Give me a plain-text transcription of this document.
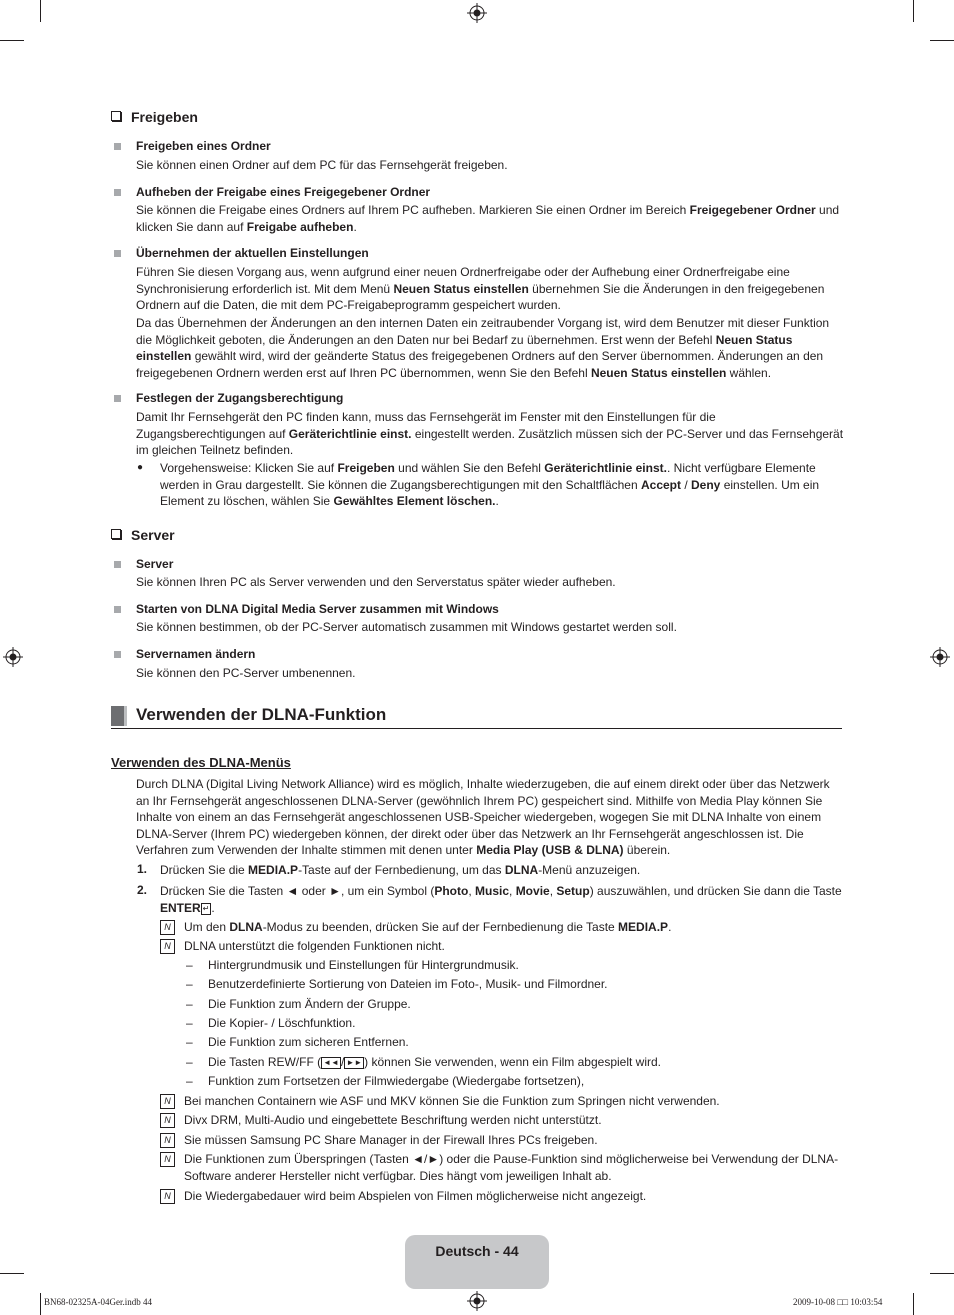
Freigeben
Freigeben eines Ordner
Sie können einen Ordner auf dem PC für das Fernsehgerät freigeben.
Aufheben der Freigabe eines Freigegebener Ordner
Sie können die Freigabe eines Ordners auf Ihrem PC aufheben. Markieren Sie einen Ordner im Bereich Freigegebener Ordner und klicken Sie dann auf Freigabe aufheben.
Übernehmen der aktuellen Einstellungen
Führen Sie diesen Vorgang aus, wenn aufgrund einer neuen Ordnerfreigabe oder der Aufhebung einer Ordnerfreigabe eine Synchronisierung erforderlich ist. Mit dem Menü Neuen Status einstellen übernehmen Sie die Änderungen in den freigegebenen Ordnern auf die Daten, die mit dem PC-Freigabeprogramm gespeichert wurden.
Da das Übernehmen der Änderungen an den internen Daten ein zeitraubender Vorgang ist, wird dem Benutzer mit dieser Funktion die Möglichkeit geboten, die Änderungen an den Daten nur bei Bedarf zu übernehmen. Erst wenn der Befehl Neuen Status einstellen gewählt wird, wird der geänderte Status des freigegebenen Ordners auf den Server übernommen. Änderungen an den freigegebenen Ordnern werden erst auf Ihren PC übernommen, wenn Sie den Befehl Neuen Status einstellen wählen.
Festlegen der Zugangsberechtigung
Damit Ihr Fernsehgerät den PC finden kann, muss das Fernsehgerät im Fenster mit den Einstellungen für die Zugangsberechtigungen auf Geräterichtlinie einst. eingestellt werden. Zusätzlich müssen sich der PC-Server und das Fernsehgerät im gleichen Teilnetz befinden.
● Vorgehensweise: Klicken Sie auf Freigeben und wählen Sie den Befehl Geräterichtlinie einst.. Nicht verfügbare Elemente werden in Grau dargestellt. Sie können die Zugangsberechtigungen mit den Schaltflächen Accept / Deny einstellen. Um ein Element zu löschen, wählen Sie Gewähltes Element löschen..
Server
Server
Sie können Ihren PC als Server verwenden und den Serverstatus später wieder aufheben.
Starten von DLNA Digital Media Server zusammen mit Windows
Sie können bestimmen, ob der PC-Server automatisch zusammen mit Windows gestartet werden soll.
Servernamen ändern
Sie können den PC-Server umbenennen.
Verwenden der DLNA-Funktion
Verwenden des DLNA-Menüs
Durch DLNA (Digital Living Network Alliance) wird es möglich, Inhalte wiederzugeben, die auf einem direkt oder über das Netzwerk an Ihr Fernsehgerät angeschlossenen DLNA-Server (gewöhnlich Ihrem PC) gespeichert sind. Mithilfe von Media Play können Sie Inhalte von einem an das Fernsehgerät angeschlossenen USB-Speicher wiedergeben, wogegen Sie mit DLNA Inhalte von einem DLNA-Server (Ihrem PC) wiedergeben können, der direkt oder über das Netzwerk an Ihr Fernsehgerät angeschlossen ist. Die Verfahren zum Verwenden der Inhalte stimmen mit denen unter Media Play (USB & DLNA) überein.
1. Drücken Sie die MEDIA.P-Taste auf der Fernbedienung, um das DLNA-Menü anzuzeigen.
2. Drücken Sie die Tasten ◄ oder ►, um ein Symbol (Photo, Music, Movie, Setup) auszuwählen, und drücken Sie dann die Taste ENTER ↵ .
N	Um den DLNA-Modus zu beenden, drücken Sie auf der Fernbedienung die Taste MEDIA.P.
N	DLNA unterstützt die folgenden Funktionen nicht.
– Hintergrundmusik und Einstellungen für Hintergrundmusik.
– Benutzerdefinierte Sortierung von Dateien im Foto-, Musik- und Filmordner.
– Die Funktion zum Ändern der Gruppe.
– Die Kopier- / Löschfunktion.
– Die Funktion zum sicheren Entfernen.
– Die Tasten REW/FF ( ◄◄ / ►► ) können Sie verwenden, wenn ein Film abgespielt wird.
– Funktion zum Fortsetzen der Filmwiedergabe (Wiedergabe fortsetzen),
N	Bei manchen Containern wie ASF und MKV können Sie die Funktion zum Springen nicht verwenden.
N	Divx DRM, Multi-Audio und eingebettete Beschriftung werden nicht unterstützt.
N	Sie müssen Samsung PC Share Manager in der Firewall Ihres PCs freigeben.
N	Die Funktionen zum Überspringen (Tasten ◄/►) oder die Pause-Funktion sind möglicherweise bei Verwendung der DLNA-Software anderer Hersteller nicht verfügbar. Dies hängt vom jeweiligen Inhalt ab.
N	Die Wiedergabedauer wird beim Abspielen von Filmen möglicherweise nicht angezeigt.
Deutsch - 44
BN68-02325A-04Ger.indb 44	2009-10-08 □□ 10:03:54
